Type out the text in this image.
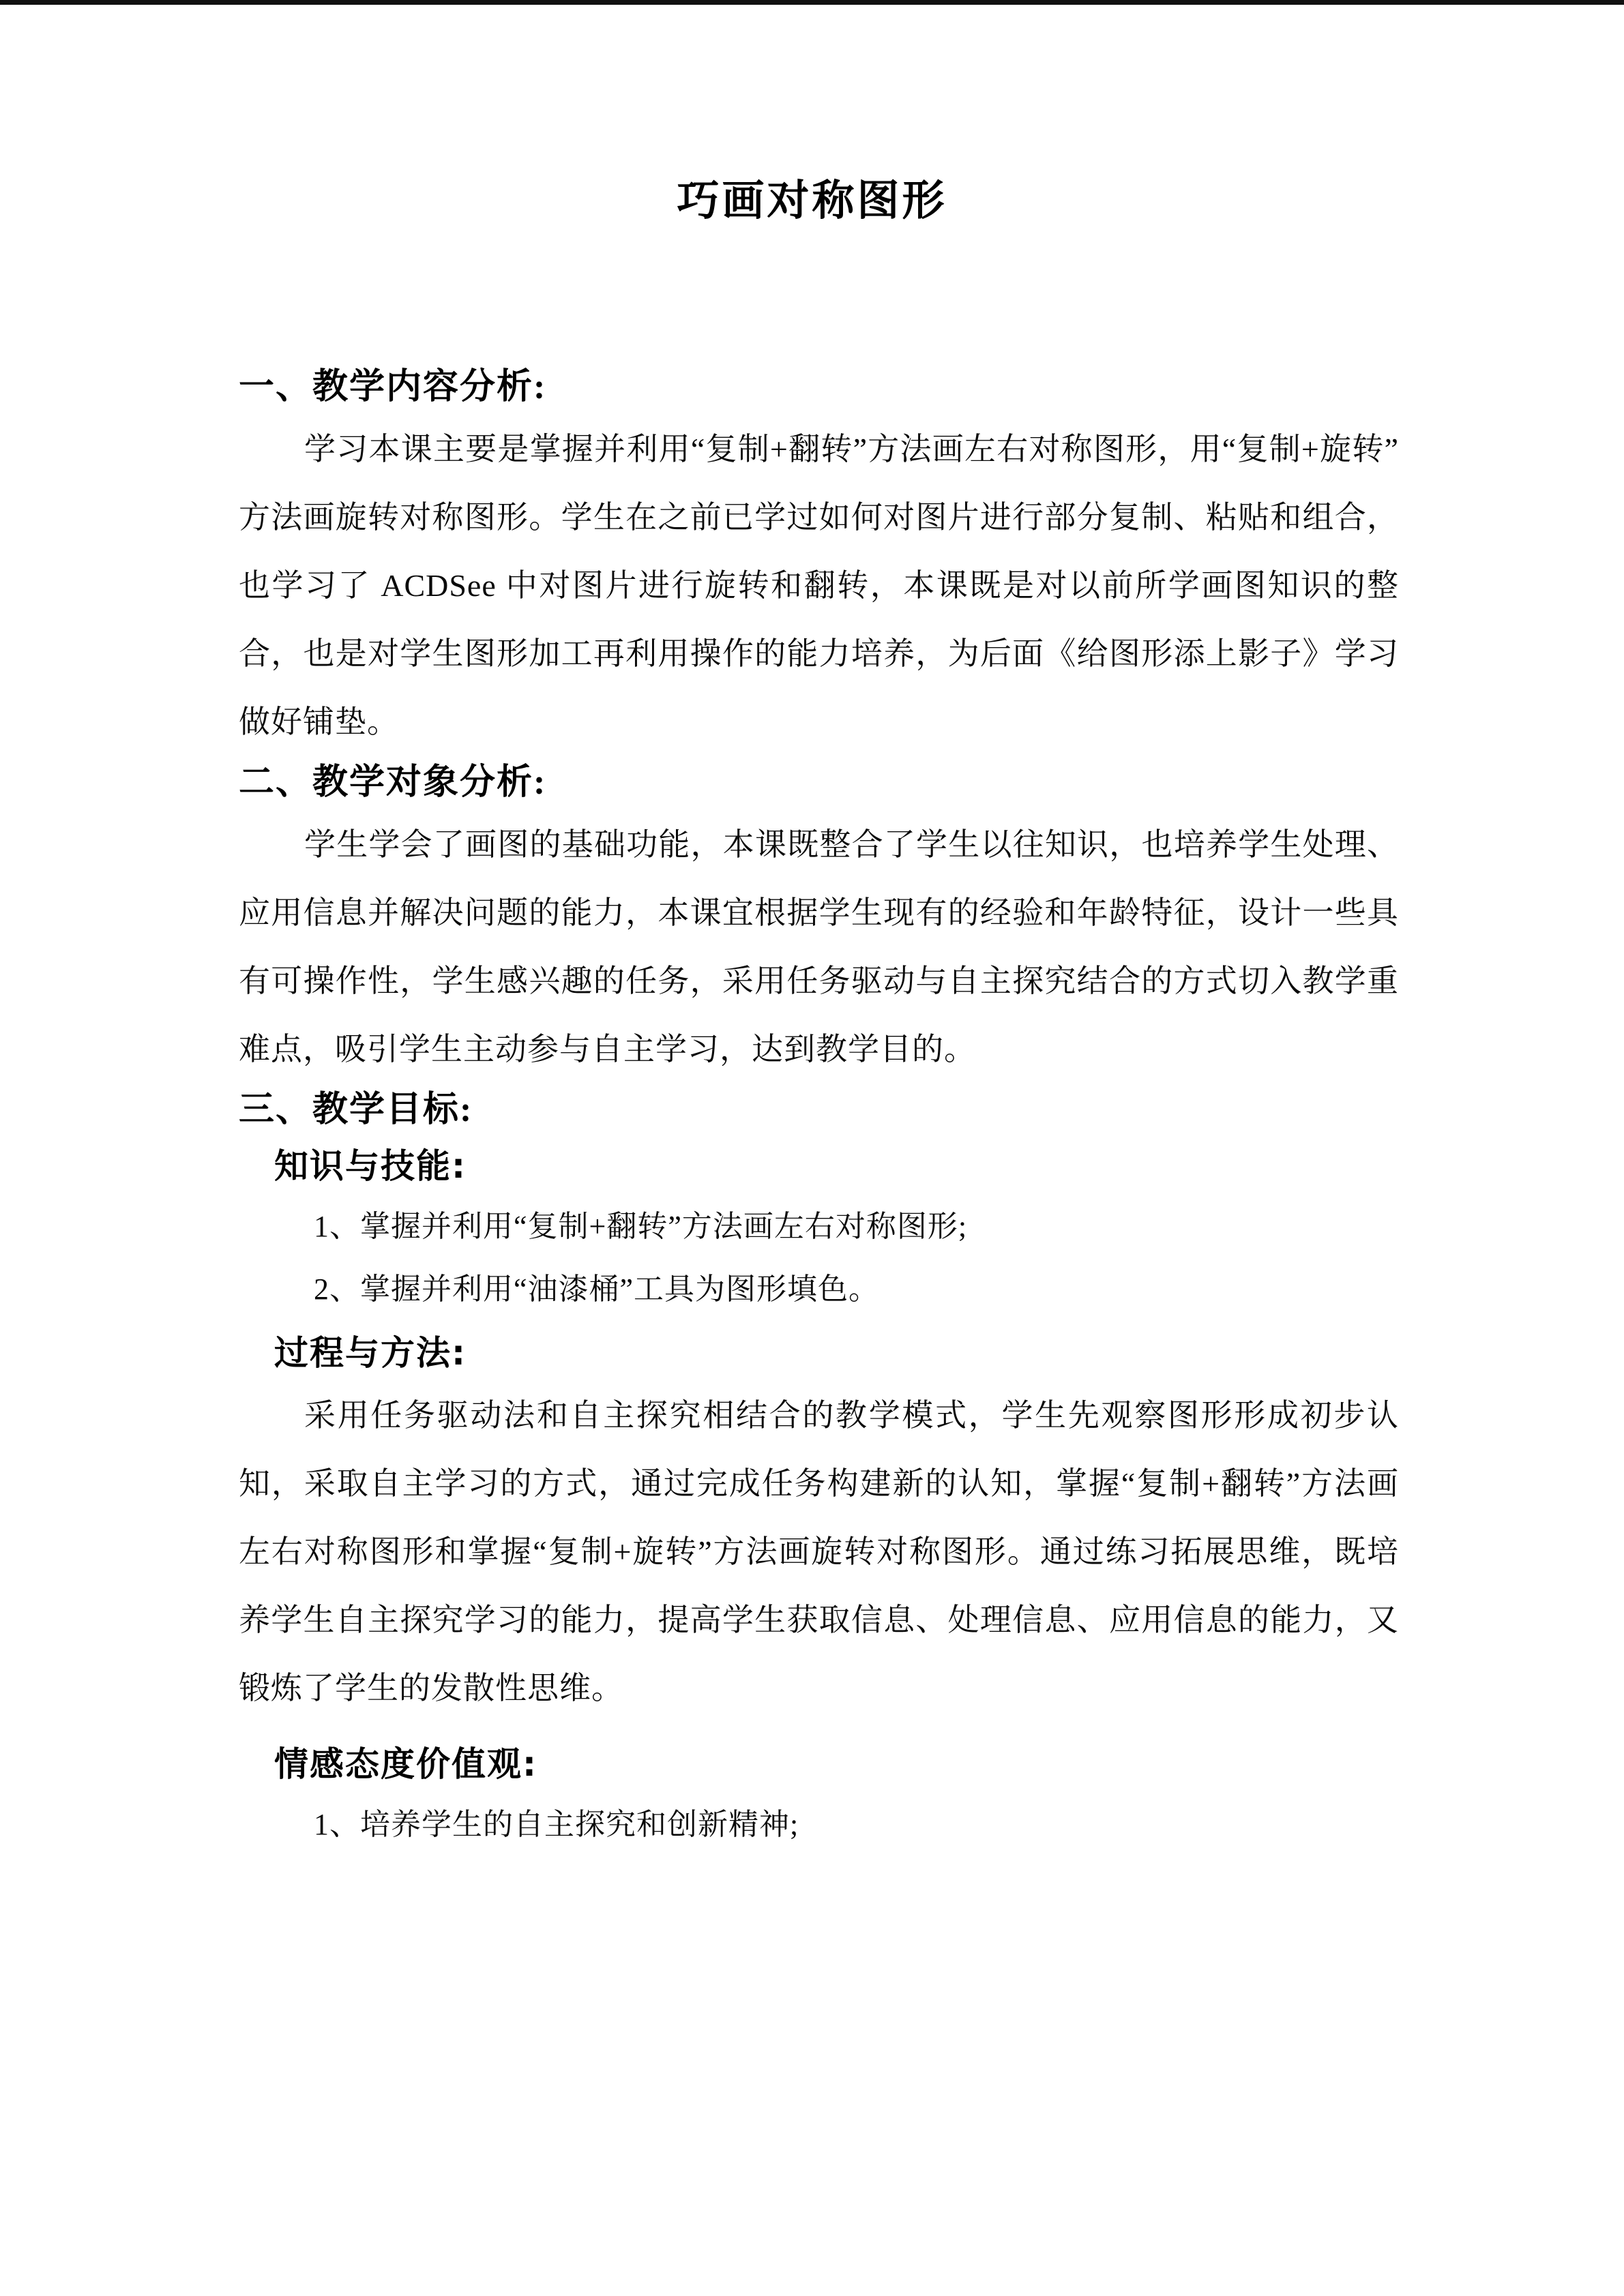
巧画对称图形
一、教学内容分析:

学习本课主要是掌握并利用“复制+翻转”方法画左右对称图形，用“复制+旋转”方法画旋转对称图形。学生在之前已学过如何对图片进行部分复制、粘贴和组合，也学习了 ACDSee 中对图片进行旋转和翻转，本课既是对以前所学画图知识的整合，也是对学生图形加工再利用操作的能力培养，为后面《给图形添上影子》学习做好铺垫。

二、教学对象分析:

学生学会了画图的基础功能，本课既整合了学生以往知识，也培养学生处理、应用信息并解决问题的能力，本课宜根据学生现有的经验和年龄特征，设计一些具有可操作性，学生感兴趣的任务，采用任务驱动与自主探究结合的方式切入教学重难点，吸引学生主动参与自主学习，达到教学目的。

三、教学目标:
知识与技能:

1、掌握并利用“复制+翻转”方法画左右对称图形;

2、掌握并利用“油漆桶”工具为图形填色。

过程与方法:

采用任务驱动法和自主探究相结合的教学模式，学生先观察图形形成初步认知，采取自主学习的方式，通过完成任务构建新的认知，掌握“复制+翻转”方法画左右对称图形和掌握“复制+旋转”方法画旋转对称图形。通过练习拓展思维，既培养学生自主探究学习的能力，提高学生获取信息、处理信息、应用信息的能力，又锻炼了学生的发散性思维。

情感态度价值观:

1、培养学生的自主探究和创新精神;
